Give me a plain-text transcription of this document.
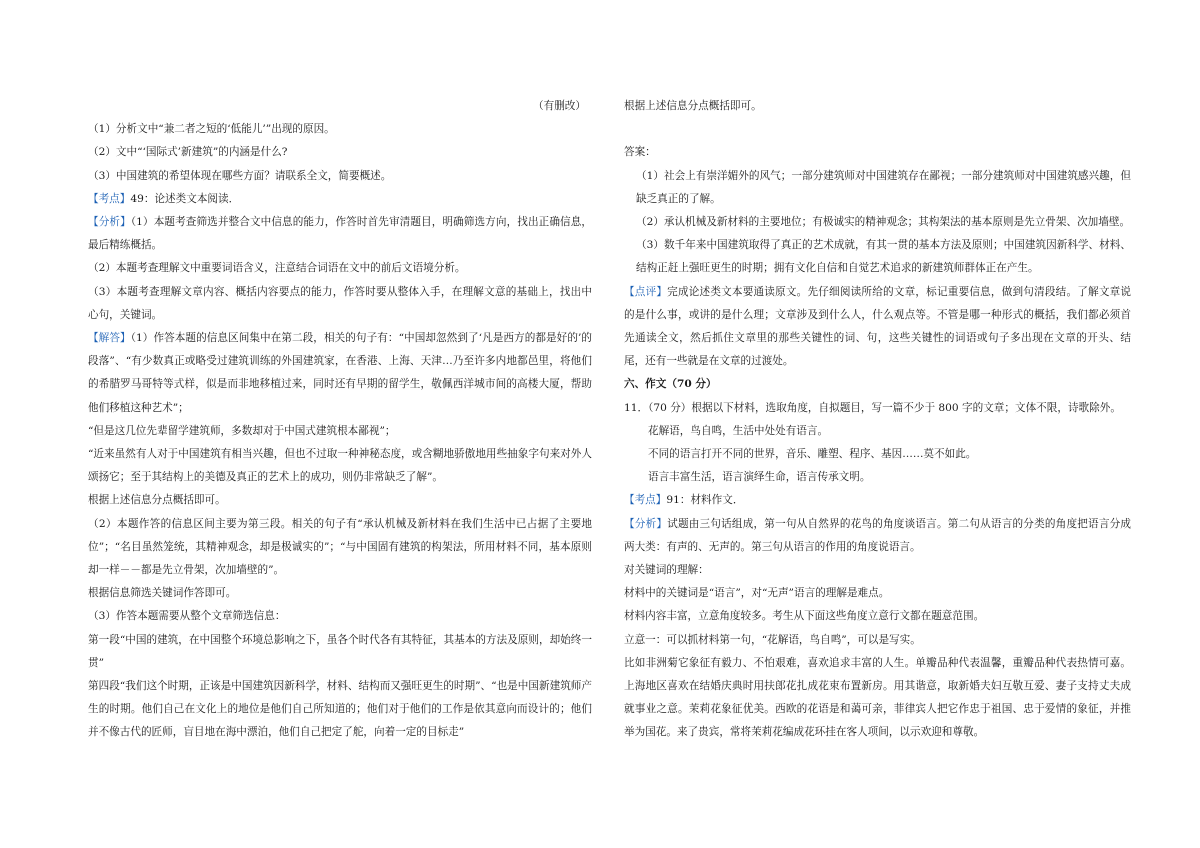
（有删改）

（1）分析文中“兼二者之短的‘低能儿’”出现的原因。

（2）文中“‘国际式’新建筑”的内涵是什么?

（3）中国建筑的希望体现在哪些方面？请联系全文，简要概述。

【考点】49：论述类文本阅读．

【分析】（1）本题考查筛选并整合文中信息的能力，作答时首先审清题目，明确筛选方向，找出正确信息，最后精练概括。

（2）本题考查理解文中重要词语含义，注意结合词语在文中的前后文语境分析。

（3）本题考查理解文章内容、概括内容要点的能力，作答时要从整体入手，在理解文意的基础上，找出中心句，关键词。

【解答】（1）作答本题的信息区间集中在第二段，相关的句子有：“中国却忽然到了‘凡是西方的都是好的’的段落”、“有少数真正或略受过建筑训练的外国建筑家，在香港、上海、天津…乃至许多内地都邑里，将他们的希腊罗马哥特等式样，似是而非地移植过来，同时还有早期的留学生，敬佩西洋城市间的高楼大厦，帮助他们移植这种艺术”；

“但是这几位先辈留学建筑师，多数却对于中国式建筑根本鄙视”；

“近来虽然有人对于中国建筑有相当兴趣，但也不过取一种神秘态度，或含糊地骄傲地用些抽象字句来对外人颂扬它；至于其结构上的美德及真正的艺术上的成功，则仍非常缺乏了解”。

根据上述信息分点概括即可。

（2）本题作答的信息区间主要为第三段。相关的句子有“承认机械及新材料在我们生活中已占据了主要地位”；“名目虽然笼统，其精神观念，却是极诚实的”；“与中国固有建筑的构架法，所用材料不同，基本原则却一样－－都是先立骨架，次加墙壁的”。

根据信息筛选关键词作答即可。

（3）作答本题需要从整个文章筛选信息：

第一段“中国的建筑，在中国整个环境总影响之下，虽各个时代各有其特征，其基本的方法及原则，却始终一贯”

第四段“我们这个时期，正该是中国建筑因新科学，材料、结构而又强旺更生的时期”、“也是中国新建筑师产生的时期。他们自己在文化上的地位是他们自己所知道的；他们对于他们的工作是依其意向而设计的；他们并不像古代的匠师，盲目地在海中漂泊，他们自己把定了舵，向着一定的目标走”

根据上述信息分点概括即可。

答案：

（1）社会上有崇洋媚外的风气；一部分建筑师对中国建筑存在鄙视；一部分建筑师对中国建筑感兴趣，但缺乏真正的了解。

（2）承认机械及新材料的主要地位；有极诚实的精神观念；其构架法的基本原则是先立骨架、次加墙壁。

（3）数千年来中国建筑取得了真正的艺术成就，有其一贯的基本方法及原则；中国建筑因新科学、材料、结构正赶上强旺更生的时期；拥有文化自信和自觉艺术追求的新建筑师群体正在产生。

【点评】完成论述类文本要通读原文。先仔细阅读所给的文章，标记重要信息，做到句清段结。了解文章说的是什么事，或讲的是什么理；文章涉及到什么人，什么观点等。不管是哪一种形式的概括，我们都必须首先通读全文，然后抓住文章里的那些关键性的词、句，这些关键性的词语或句子多出现在文章的开头、结尾，还有一些就是在文章的过渡处。

六、作文（70 分）

11．（70 分）根据以下材料，选取角度，自拟题目，写一篇不少于 800 字的文章；文体不限，诗歌除外。

花解语，鸟自鸣，生活中处处有语言。

不同的语言打开不同的世界，音乐、雕塑、程序、基因……莫不如此。

语言丰富生活，语言演绎生命，语言传承文明。

【考点】91：材料作文．

【分析】试题由三句话组成，第一句从自然界的花鸟的角度谈语言。第二句从语言的分类的角度把语言分成两大类：有声的、无声的。第三句从语言的作用的角度说语言。

对关键词的理解：

材料中的关键词是“语言”，对“无声”语言的理解是难点。

材料内容丰富，立意角度较多。考生从下面这些角度立意行文都在题意范围。

立意一：可以抓材料第一句，“花解语，鸟自鸣”，可以是写实。

比如非洲菊它象征有毅力、不怕艰难，喜欢追求丰富的人生。单瓣品种代表温馨，重瓣品种代表热情可嘉。上海地区喜欢在结婚庆典时用扶郎花扎成花束布置新房。用其谐意，取新婚夫妇互敬互爱、妻子支持丈夫成就事业之意。茉莉花象征优美。西欧的花语是和蔼可亲，菲律宾人把它作忠于祖国、忠于爱情的象征，并推举为国花。来了贵宾，常将茉莉花编成花环挂在客人项间，以示欢迎和尊敬。
